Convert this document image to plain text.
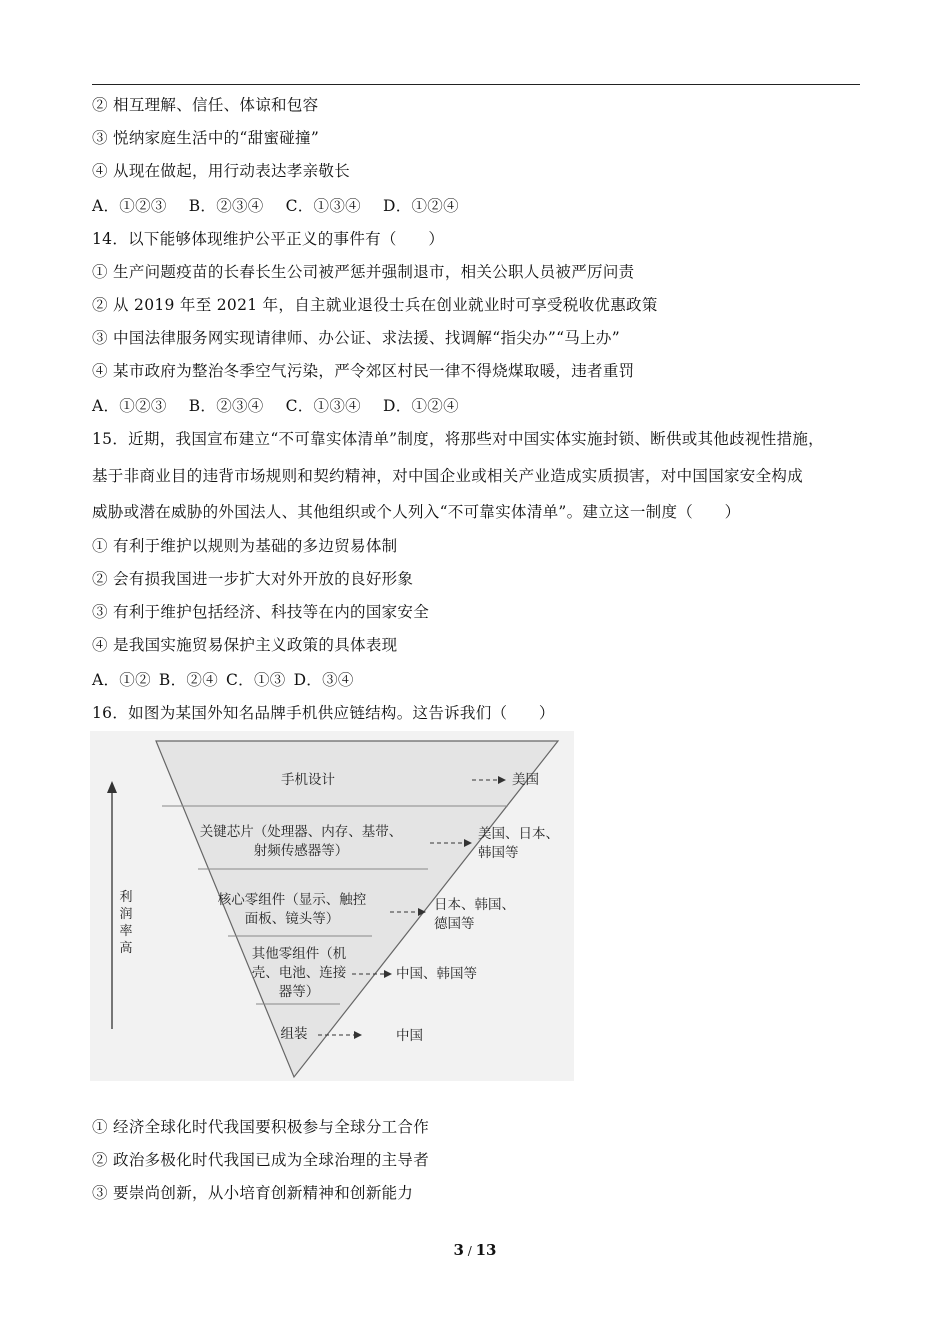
② 相互理解、信任、体谅和包容
③ 悦纳家庭生活中的“甜蜜碰撞”
④ 从现在做起，用行动表达孝亲敬长
A．①②③ B．②③④ C．①③④ D．①②④
14．以下能够体现维护公平正义的事件有（　　）
① 生产问题疫苗的长春长生公司被严惩并强制退市，相关公职人员被严厉问责
② 从 2019 年至 2021 年，自主就业退役士兵在创业就业时可享受税收优惠政策
③ 中国法律服务网实现请律师、办公证、求法援、找调解“指尖办”“马上办”
④ 某市政府为整治冬季空气污染，严令郊区村民一律不得烧煤取暖，违者重罚
A．①②③ B．②③④ C．①③④ D．①②④
15．近期，我国宣布建立“不可靠实体清单”制度，将那些对中国实体实施封锁、断供或其他歧视性措施，
基于非商业目的违背市场规则和契约精神，对中国企业或相关产业造成实质损害，对中国国家安全构成
威胁或潜在威胁的外国法人、其他组织或个人列入“不可靠实体清单”。建立这一制度（　　）
① 有利于维护以规则为基础的多边贸易体制
② 会有损我国进一步扩大对外开放的良好形象
③ 有利于维护包括经济、科技等在内的国家安全
④ 是我国实施贸易保护主义政策的具体表现
A．①② B．②④ C．①③ D．③④
16．如图为某国外知名品牌手机供应链结构。这告诉我们（　　）
利润率高
手机设计	美国
关键芯片（处理器、内存、基带、射频传感器等）
美国、日本、韩国等
核心零组件（显示、触控面板、镜头等）
日本、韩国、德国等
其他零组件（机壳、电池、连接器等）
中国、韩国等
组装	中国
① 经济全球化时代我国要积极参与全球分工合作
② 政治多极化时代我国已成为全球治理的主导者
③ 要崇尚创新，从小培育创新精神和创新能力
3 / 13
